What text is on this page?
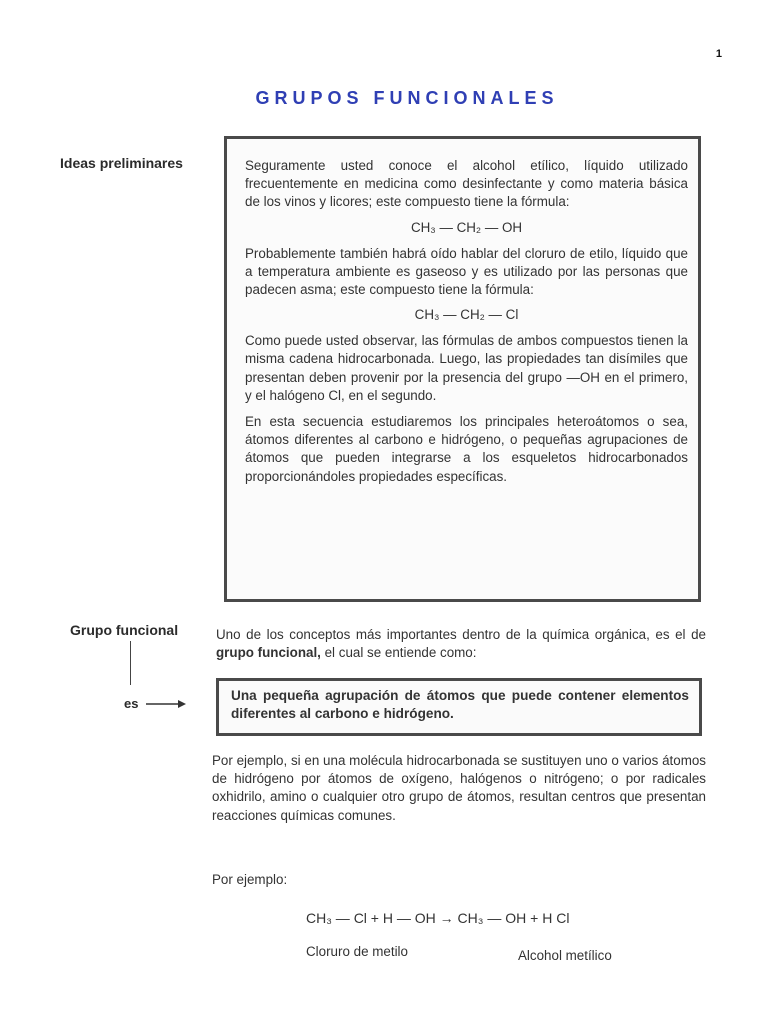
1
GRUPOS FUNCIONALES
Ideas preliminares	Seguramente usted conoce el alcohol etílico, líquido utilizado frecuentemente en medicina como desinfectante y como materia básica de los vinos y licores; este compuesto tiene la fórmula:

CH₃ — CH₂ — OH

Probablemente también habrá oído hablar del cloruro de etilo, líquido que a temperatura ambiente es gaseoso y es utilizado por las personas que padecen asma; este compuesto tiene la fórmula:

CH₃ — CH₂ — Cl

Como puede usted observar, las fórmulas de ambos compuestos tienen la misma cadena hidrocarbonada. Luego, las propiedades tan disímiles que presentan deben provenir por la presencia del grupo —OH en el primero, y el halógeno Cl, en el segundo.

En esta secuencia estudiaremos los principales heteroátomos o sea, átomos diferentes al carbono e hidrógeno, o pequeñas agrupaciones de átomos que pueden integrarse a los esqueletos hidrocarbonados proporcionándoles propiedades específicas.

Grupo funcional
es

Uno de los conceptos más importantes dentro de la química orgánica, es el de grupo funcional, el cual se entiende como:

Una pequeña agrupación de átomos que puede contener elementos diferentes al carbono e hidrógeno.

Por ejemplo, si en una molécula hidrocarbonada se sustituyen uno o varios átomos de hidrógeno por átomos de oxígeno, halógenos o nitrógeno; o por radicales oxhidrilo, amino o cualquier otro grupo de átomos, resultan centros que presentan reacciones químicas comunes.

Por ejemplo:
CH₃ — Cl + H — OH → CH₃ — OH + H Cl
Cloruro de metilo	Alcohol metílico
